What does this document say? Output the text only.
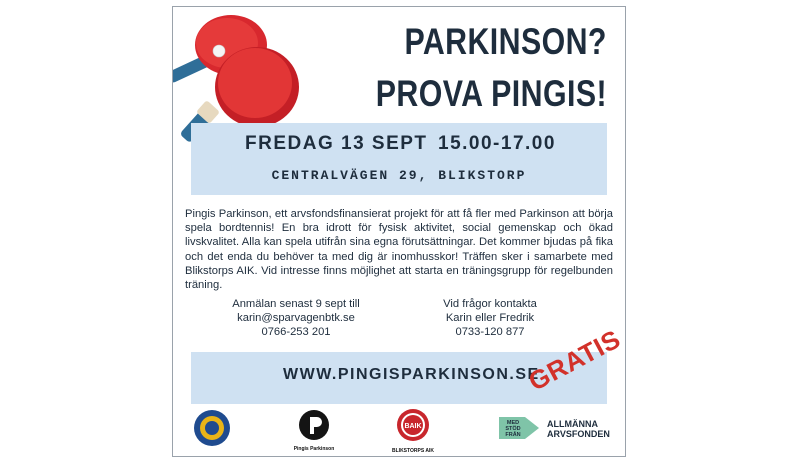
PARKINSON?
PROVA PINGIS!
FREDAG 13 SEPT 15.00-17.00
CENTRALVÄGEN 29, BLIKSTORP
Pingis Parkinson, ett arvsfondsfinansierat projekt för att få fler med Parkinson att börja spela bordtennis! En bra idrott för fysisk aktivitet, social gemenskap och ökad livskvalitet. Alla kan spela utifrån sina egna förutsättningar. Det kommer bjudas på fika och det enda du behöver ta med dig är inomhusskor! Träffen sker i samarbete med Blikstorps AIK. Vid intresse finns möjlighet att starta en träningsgrupp för regelbunden träning.
Anmälan senast 9 sept till
karin@sparvagenbtk.se
0766-253 201
Vid frågor kontakta
Karin eller Fredrik
0733-120 877
WWW.PINGISPARKINSON.SE
GRATIS
Pingis Parkinson
BAIK
BLIKSTORPS AIK
MED
STÖD
FRÅN
ALLMÄNNA
ARVSFONDEN
